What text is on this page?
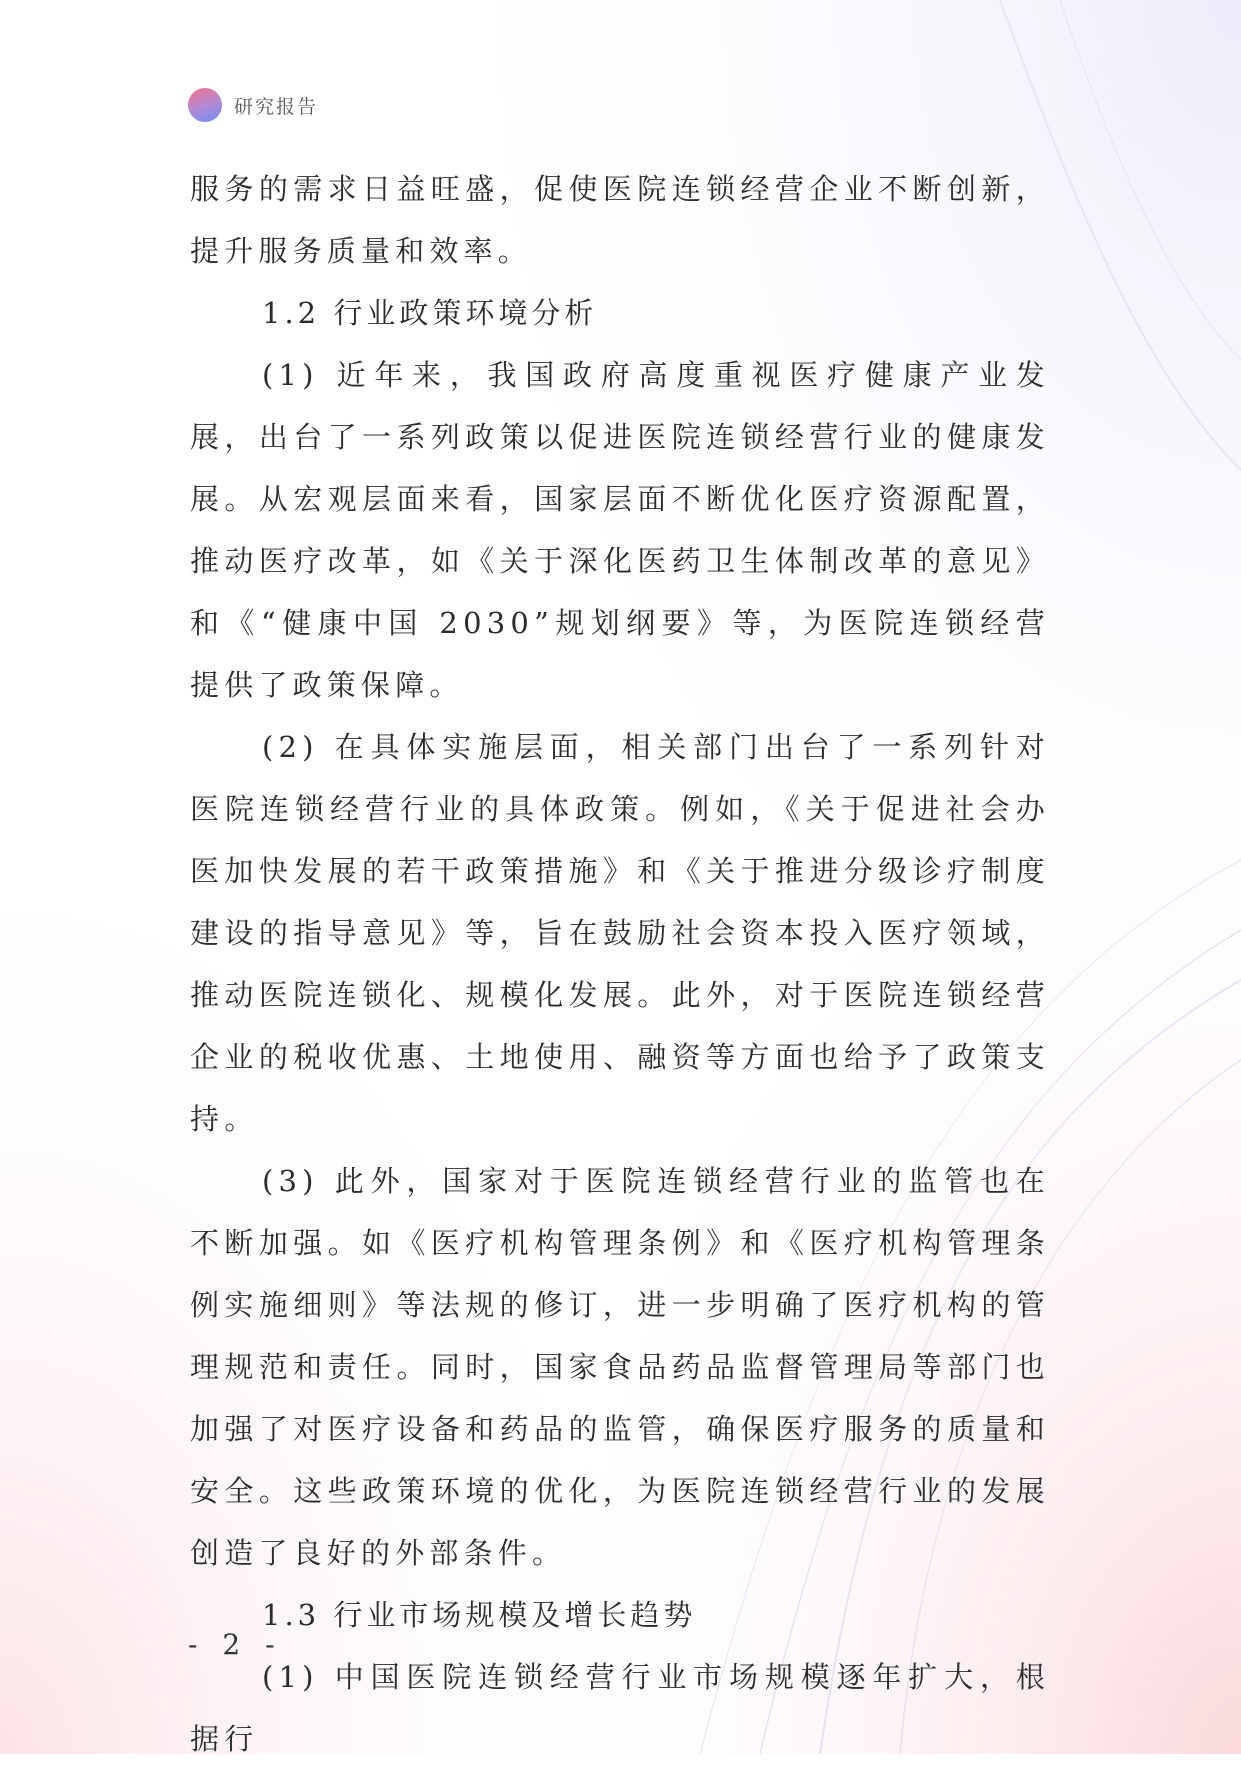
研究报告

服务的需求日益旺盛，促使医院连锁经营企业不断创新，提升服务质量和效率。

1.2 行业政策环境分析

(1) 近年来，我国政府高度重视医疗健康产业发展，出台了一系列政策以促进医院连锁经营行业的健康发展。从宏观层面来看，国家层面不断优化医疗资源配置，推动医疗改革，如《关于深化医药卫生体制改革的意见》和《“健康中国 2030”规划纲要》等，为医院连锁经营提供了政策保障。

(2) 在具体实施层面，相关部门出台了一系列针对医院连锁经营行业的具体政策。例如，《关于促进社会办医加快发展的若干政策措施》和《关于推进分级诊疗制度建设的指导意见》等，旨在鼓励社会资本投入医疗领域，推动医院连锁化、规模化发展。此外，对于医院连锁经营企业的税收优惠、土地使用、融资等方面也给予了政策支持。

(3) 此外，国家对于医院连锁经营行业的监管也在不断加强。如《医疗机构管理条例》和《医疗机构管理条例实施细则》等法规的修订，进一步明确了医疗机构的管理规范和责任。同时，国家食品药品监督管理局等部门也加强了对医疗设备和药品的监管，确保医疗服务的质量和安全。这些政策环境的优化，为医院连锁经营行业的发展创造了良好的外部条件。

1.3 行业市场规模及增长趋势

(1) 中国医院连锁经营行业市场规模逐年扩大，根据行

- 2 -
